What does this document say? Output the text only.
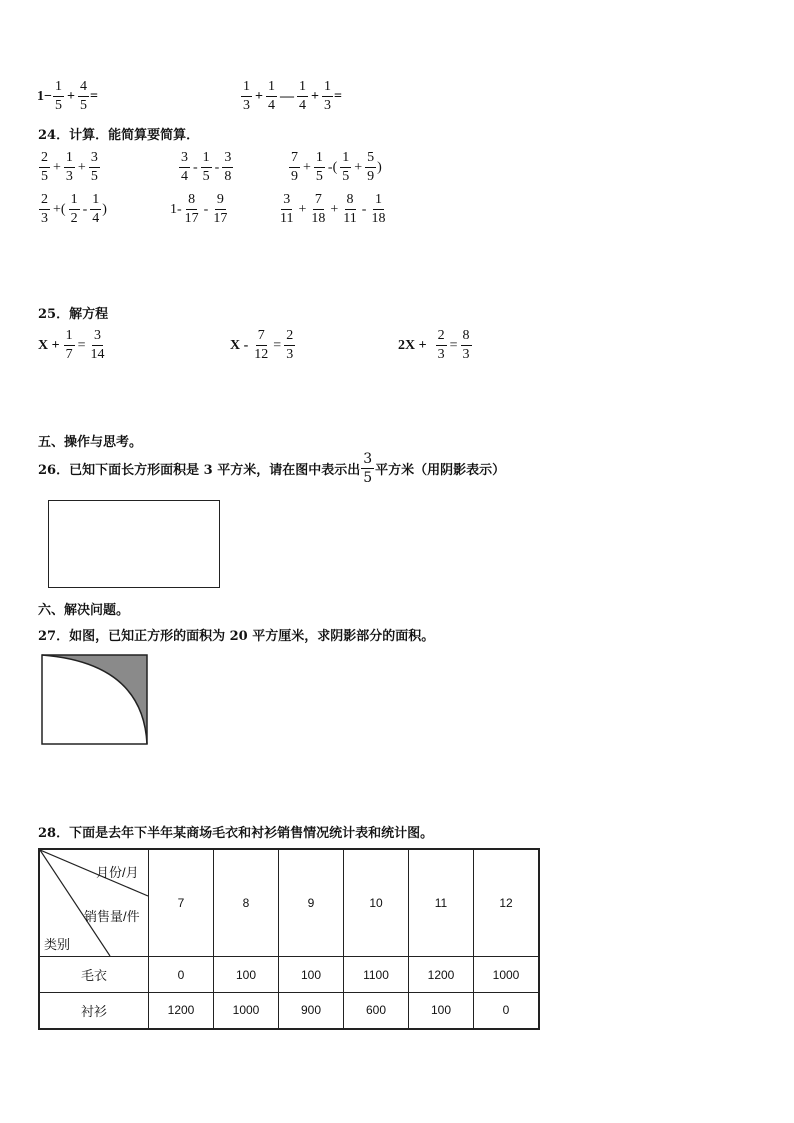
$1- \frac{1}{5} + \frac{4}{5}$ =	$\frac{1}{3} + \frac{1}{4}$ — $\frac{1}{4} + \frac{1}{3}$ =
24．计算．能简算要简算．
$\frac{2}{5} + \frac{1}{3} + \frac{3}{5}$	$\frac{3}{4} - \frac{1}{5} - \frac{3}{8}$	$\frac{7}{9} + \frac{1}{5}$ -( $\frac{1}{5} + \frac{5}{9}$ )
$\frac{2}{3}$ +( $\frac{1}{2} - \frac{1}{4}$ )	$1- \frac{8}{17} - \frac{9}{17}$	$\frac{3}{11} + \frac{7}{18} + \frac{8}{11} - \frac{1}{18}$
25．解方程
$X + \frac{1}{7} = \frac{3}{14}$	$X - \frac{7}{12} = \frac{2}{3}$	$2X + \frac{2}{3} = \frac{8}{3}$
五、操作与思考。
26．已知下面长方形面积是 3 平方米，请在图中表示出 $\frac{3}{5}$ 平方米（用阴影表示）
六、解决问题。
27．如图，已知正方形的面积为 20 平方厘米，求阴影部分的面积。
28．下面是去年下半年某商场毛衣和衬衫销售情况统计表和统计图。
月份/月
销售量/件
类别	7	8	9	10	11	12
毛衣	0	100	100	1100	1200	1000
衬衫	1200	1000	900	600	100	0
